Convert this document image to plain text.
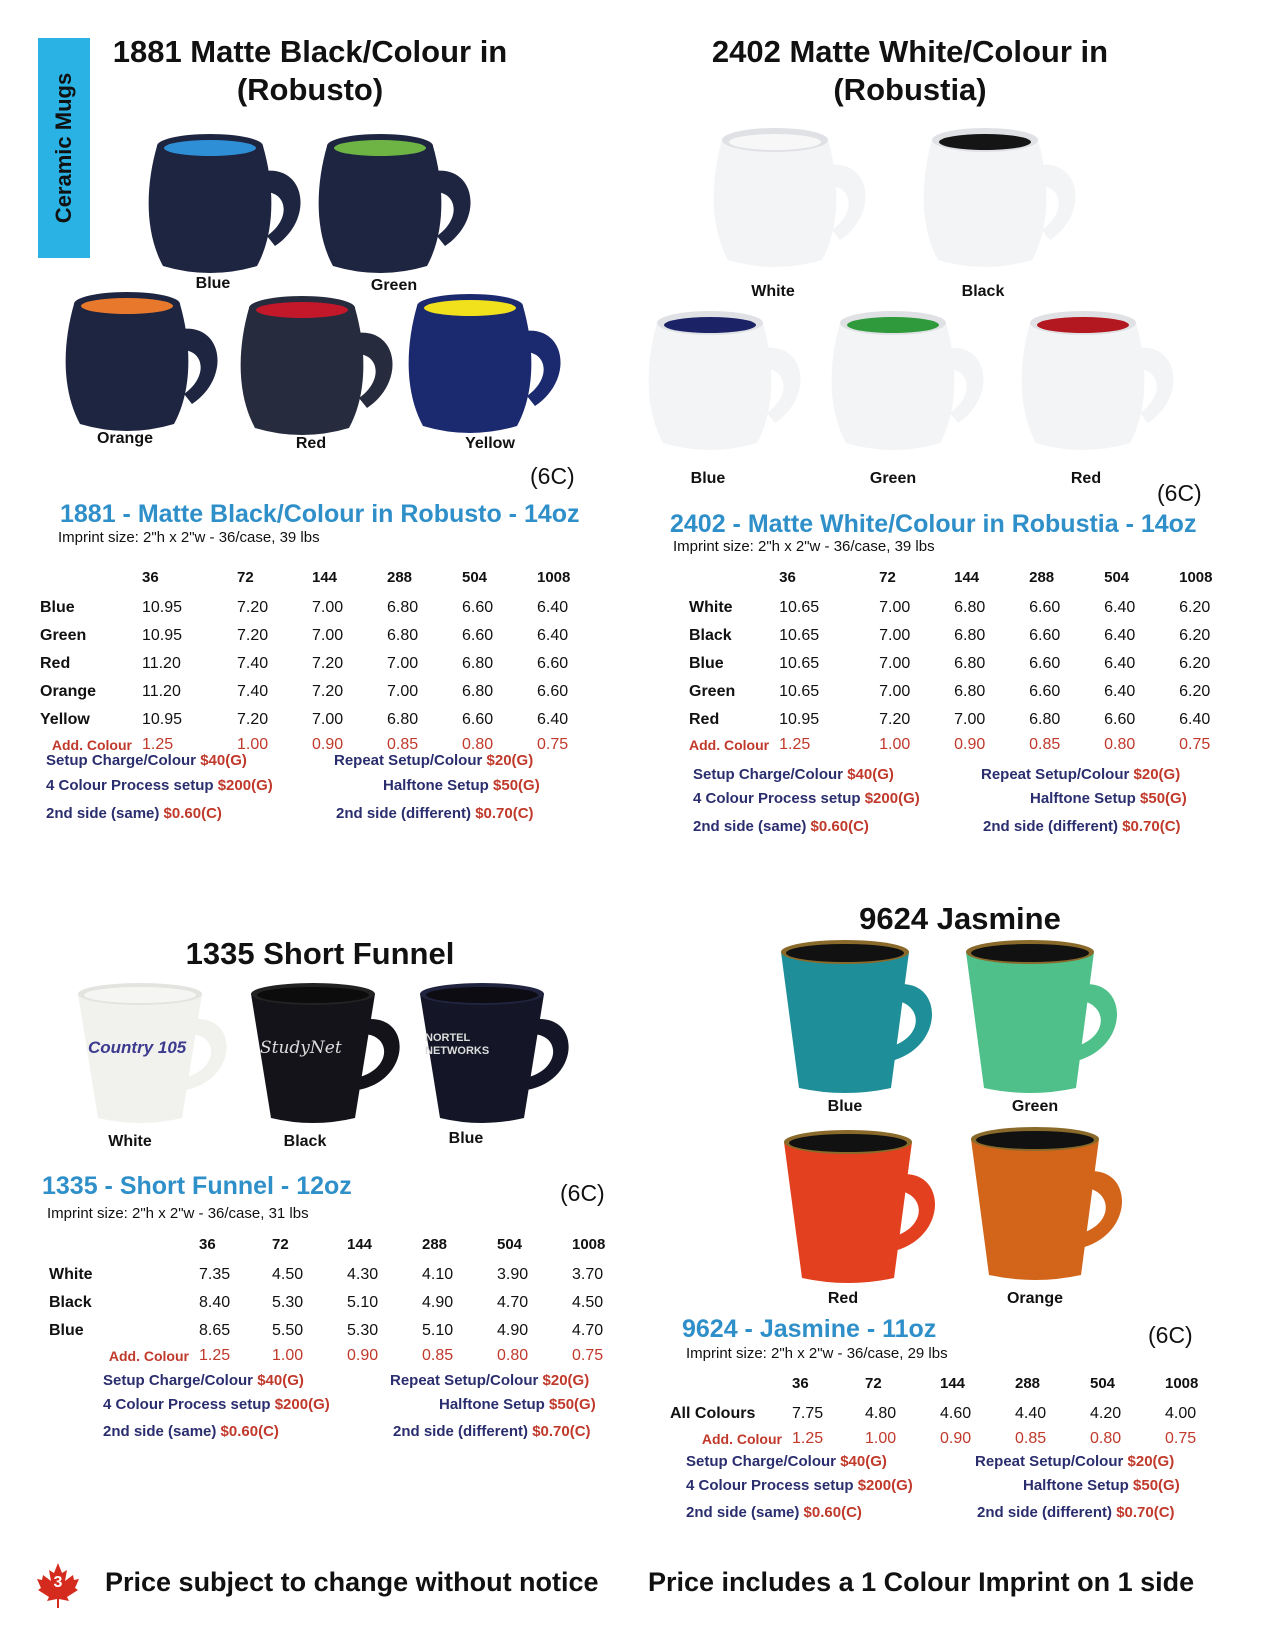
Ceramic Mugs
1881 Matte Black/Colour in (Robusto)
Blue	Green
Orange	Red	Yellow
(6C)
1881 - Matte Black/Colour in Robusto - 14oz
Imprint size: 2"h x 2"w - 36/case, 39 lbs
	36	72	144	288	504	1008
Blue	10.95	7.20	7.00	6.80	6.60	6.40
Green	10.95	7.20	7.00	6.80	6.60	6.40
Red	11.20	7.40	7.20	7.00	6.80	6.60
Orange	11.20	7.40	7.20	7.00	6.80	6.60
Yellow	10.95	7.20	7.00	6.80	6.60	6.40
Add. Colour	1.25	1.00	0.90	0.85	0.80	0.75
Setup Charge/Colour $40(G)	Repeat Setup/Colour $20(G)
4 Colour Process setup $200(G)	Halftone Setup $50(G)
2nd side (same) $0.60(C)	2nd side (different) $0.70(C)
2402 Matte White/Colour in (Robustia)
White	Black
Blue	Green	Red
(6C)
2402 - Matte White/Colour in Robustia - 14oz
Imprint size: 2"h x 2"w - 36/case, 39 lbs
	36	72	144	288	504	1008
White	10.65	7.00	6.80	6.60	6.40	6.20
Black	10.65	7.00	6.80	6.60	6.40	6.20
Blue	10.65	7.00	6.80	6.60	6.40	6.20
Green	10.65	7.00	6.80	6.60	6.40	6.20
Red	10.95	7.20	7.00	6.80	6.60	6.40
Add. Colour	1.25	1.00	0.90	0.85	0.80	0.75
Setup Charge/Colour $40(G)	Repeat Setup/Colour $20(G)
4 Colour Process setup $200(G)	Halftone Setup $50(G)
2nd side (same) $0.60(C)	2nd side (different) $0.70(C)
1335 Short Funnel
Country 105	StudyNet	NORTEL NETWORKS
White	Black	Blue
1335 - Short Funnel - 12oz	(6C)
Imprint size: 2"h x 2"w - 36/case, 31 lbs
	36	72	144	288	504	1008
White	7.35	4.50	4.30	4.10	3.90	3.70
Black	8.40	5.30	5.10	4.90	4.70	4.50
Blue	8.65	5.50	5.30	5.10	4.90	4.70
Add. Colour	1.25	1.00	0.90	0.85	0.80	0.75
Setup Charge/Colour $40(G)	Repeat Setup/Colour $20(G)
4 Colour Process setup $200(G)	Halftone Setup $50(G)
2nd side (same) $0.60(C)	2nd side (different) $0.70(C)
9624 Jasmine
Blue	Green
Red	Orange
9624 - Jasmine - 11oz	(6C)
Imprint size: 2"h x 2"w - 36/case, 29 lbs
	36	72	144	288	504	1008
All Colours	7.75	4.80	4.60	4.40	4.20	4.00
Add. Colour	1.25	1.00	0.90	0.85	0.80	0.75
Setup Charge/Colour $40(G)	Repeat Setup/Colour $20(G)
4 Colour Process setup $200(G)	Halftone Setup $50(G)
2nd side (same) $0.60(C)	2nd side (different) $0.70(C)
3	Price subject to change without notice Price includes a 1 Colour Imprint on 1 side
